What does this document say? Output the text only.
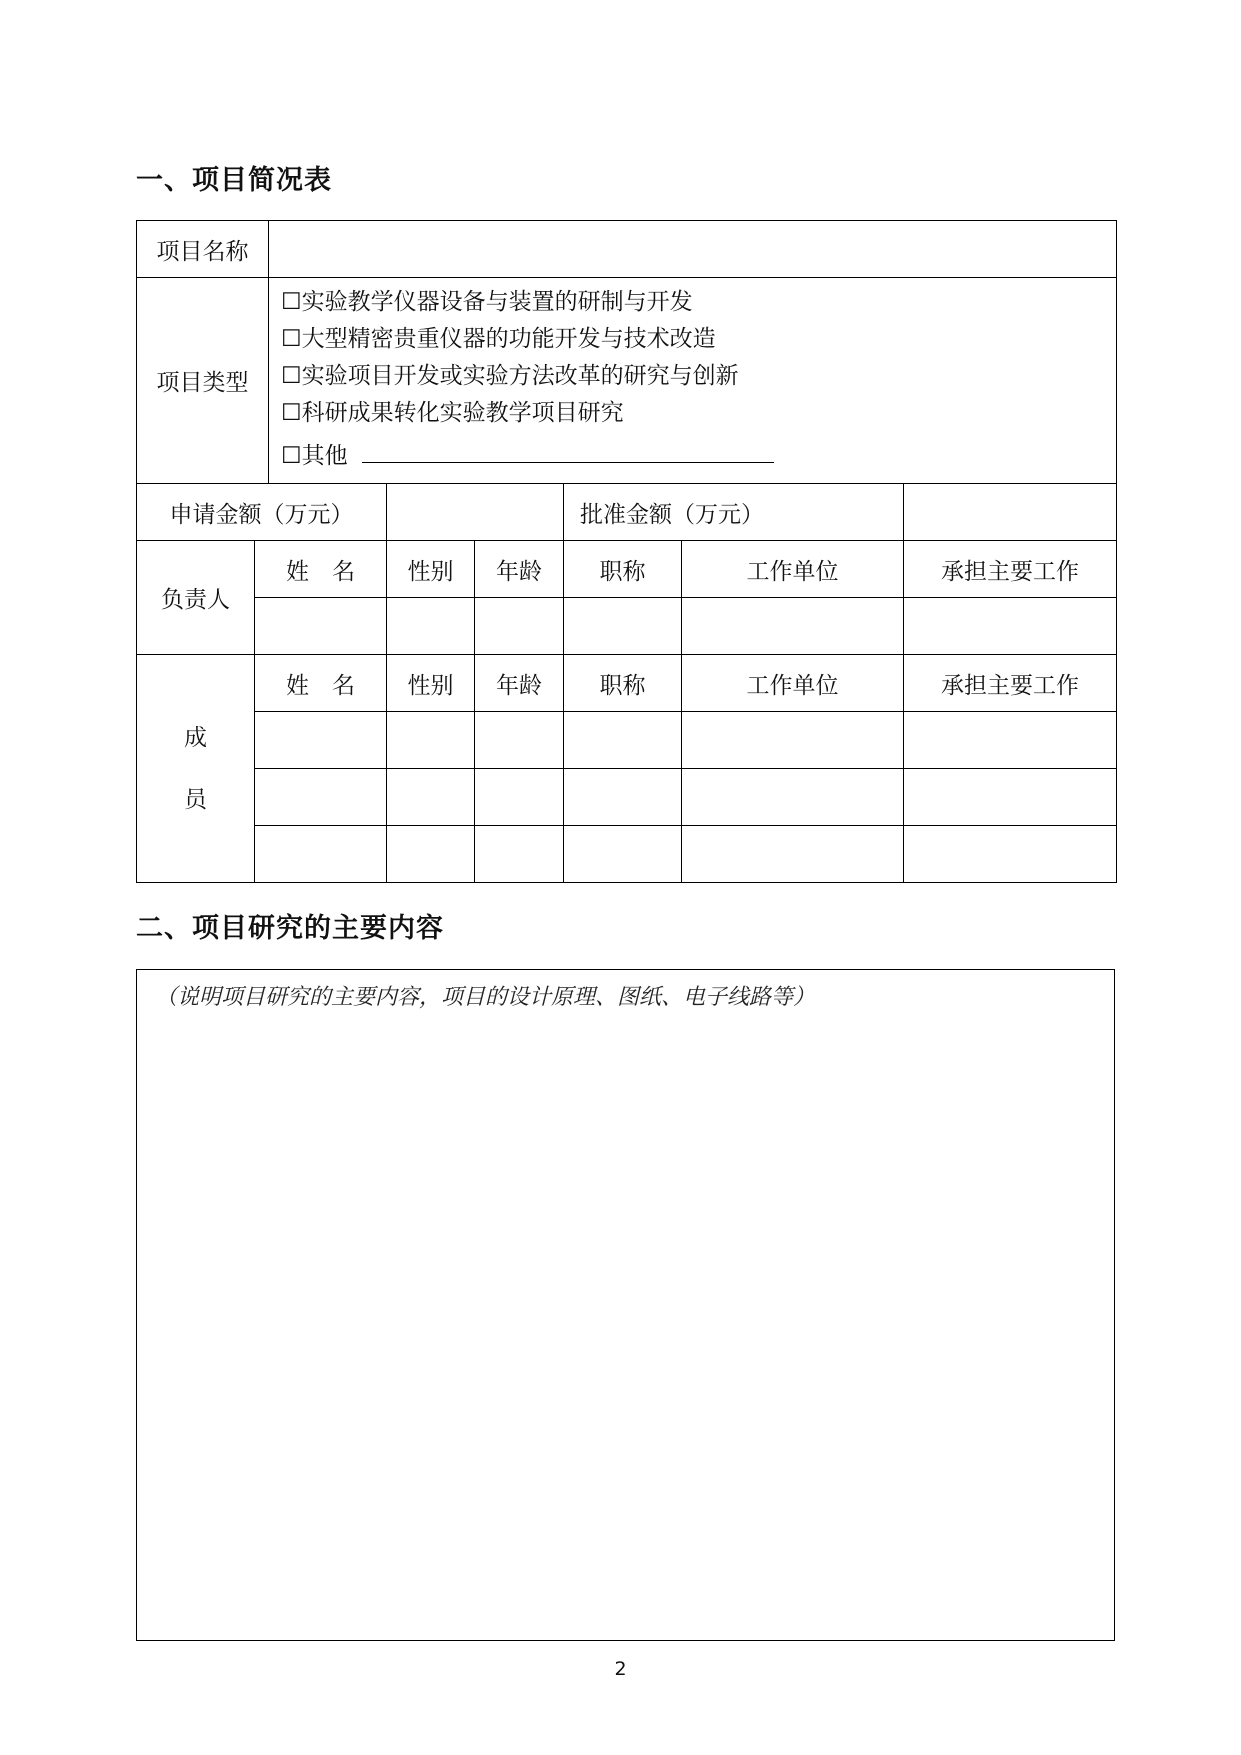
一、项目简况表
项目名称							
项目类型		☐实验教学仪器设备与装置的研制与开发
☐大型精密贵重仪器的功能开发与技术改造
☐实验项目开发或实验方法改革的研究与创新
☐科研成果转化实验教学项目研究
☐其他					

申请金额（万元）					批准金额（万元）		
负责人	姓　名		性别	年龄	职称	工作单位	承担主要工作

成
员	姓　名		性别	年龄	职称	工作单位	承担主要工作

二、项目研究的主要内容
（说明项目研究的主要内容，项目的设计原理、图纸、电子线路等）
2
